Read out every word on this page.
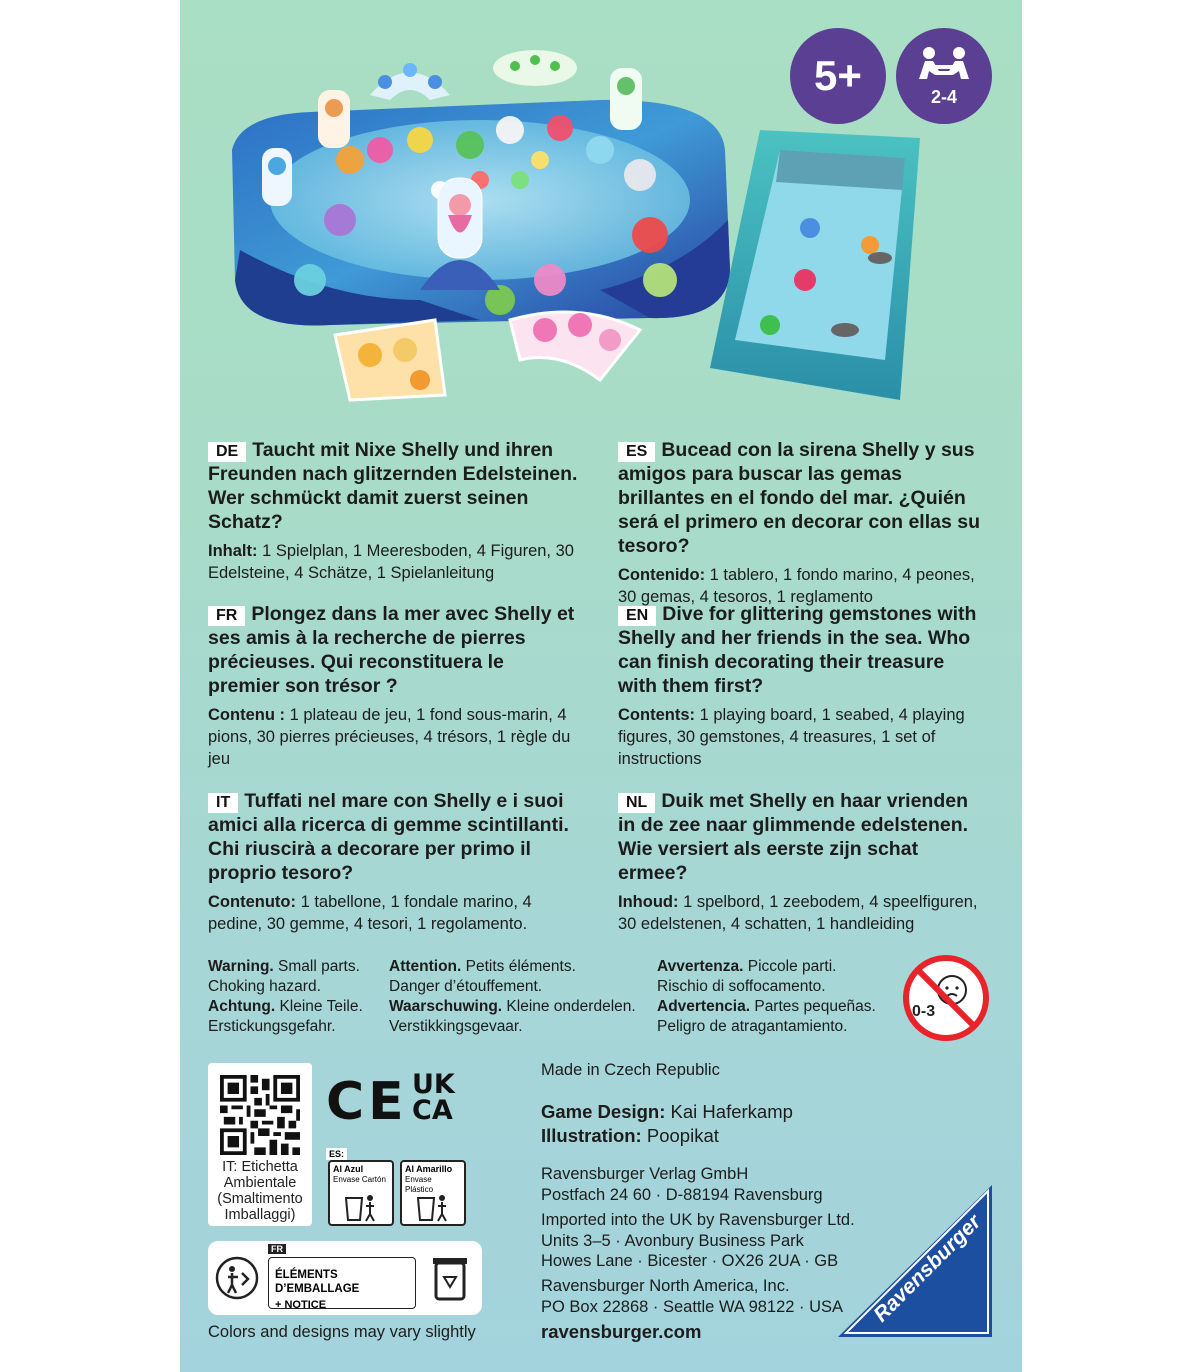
5+	2-4
DE Taucht mit Nixe Shelly und ihren Freunden nach glitzernden Edelsteinen. Wer schmückt damit zuerst seinen Schatz?
Inhalt: 1 Spielplan, 1 Meeresboden, 4 Figuren, 30 Edelsteine, 4 Schätze, 1 Spielanleitung
ES Bucead con la sirena Shelly y sus amigos para buscar las gemas brillantes en el fondo del mar. ¿Quién será el primero en decorar con ellas su tesoro?
Contenido: 1 tablero, 1 fondo marino, 4 peones, 30 gemas, 4 tesoros, 1 reglamento
FR Plongez dans la mer avec Shelly et ses amis à la recherche de pierres précieuses. Qui reconstituera le premier son trésor ?
Contenu : 1 plateau de jeu, 1 fond sous-marin, 4 pions, 30 pierres précieuses, 4 trésors, 1 règle du jeu
EN Dive for glittering gemstones with Shelly and her friends in the sea. Who can finish decorating their treasure with them first?
Contents: 1 playing board, 1 seabed, 4 playing figures, 30 gemstones, 4 treasures, 1 set of instructions
IT Tuffati nel mare con Shelly e i suoi amici alla ricerca di gemme scintillanti. Chi riuscirà a decorare per primo il proprio tesoro?
Contenuto: 1 tabellone, 1 fondale marino, 4 pedine, 30 gemme, 4 tesori, 1 regolamento.
NL Duik met Shelly en haar vrienden in de zee naar glimmende edelstenen. Wie versiert als eerste zijn schat ermee?
Inhoud: 1 spelbord, 1 zeebodem, 4 speelfiguren, 30 edelstenen, 4 schatten, 1 handleiding
Warning. Small parts.
Choking hazard.
Achtung. Kleine Teile.
Erstickungsgefahr.
Attention. Petits éléments.
Danger d’étouffement.
Waarschuwing. Kleine onderdelen.
Verstikkingsgevaar.
Avvertenza. Piccole parti.
Rischio di soffocamento.
Advertencia. Partes pequeñas.
Peligro de atragantamiento.
0-3
IT: Etichetta
Ambientale
(Smaltimento
Imballaggi)
CE UK
CA
ES:
Al Azul
Envase Cartón
Al Amarillo
Envase Plástico
FR
ÉLÉMENTS D’EMBALLAGE
+ NOTICE
Colors and designs may vary slightly
Made in Czech Republic
Game Design: Kai Haferkamp
Illustration: Poopikat
Ravensburger Verlag GmbH
Postfach 24 60 · D-88194 Ravensburg
Imported into the UK by Ravensburger Ltd.
Units 3–5 · Avonbury Business Park
Howes Lane · Bicester · OX26 2UA · GB
Ravensburger North America, Inc.
PO Box 22868 · Seattle WA 98122 · USA
ravensburger.com
Ravensburger
